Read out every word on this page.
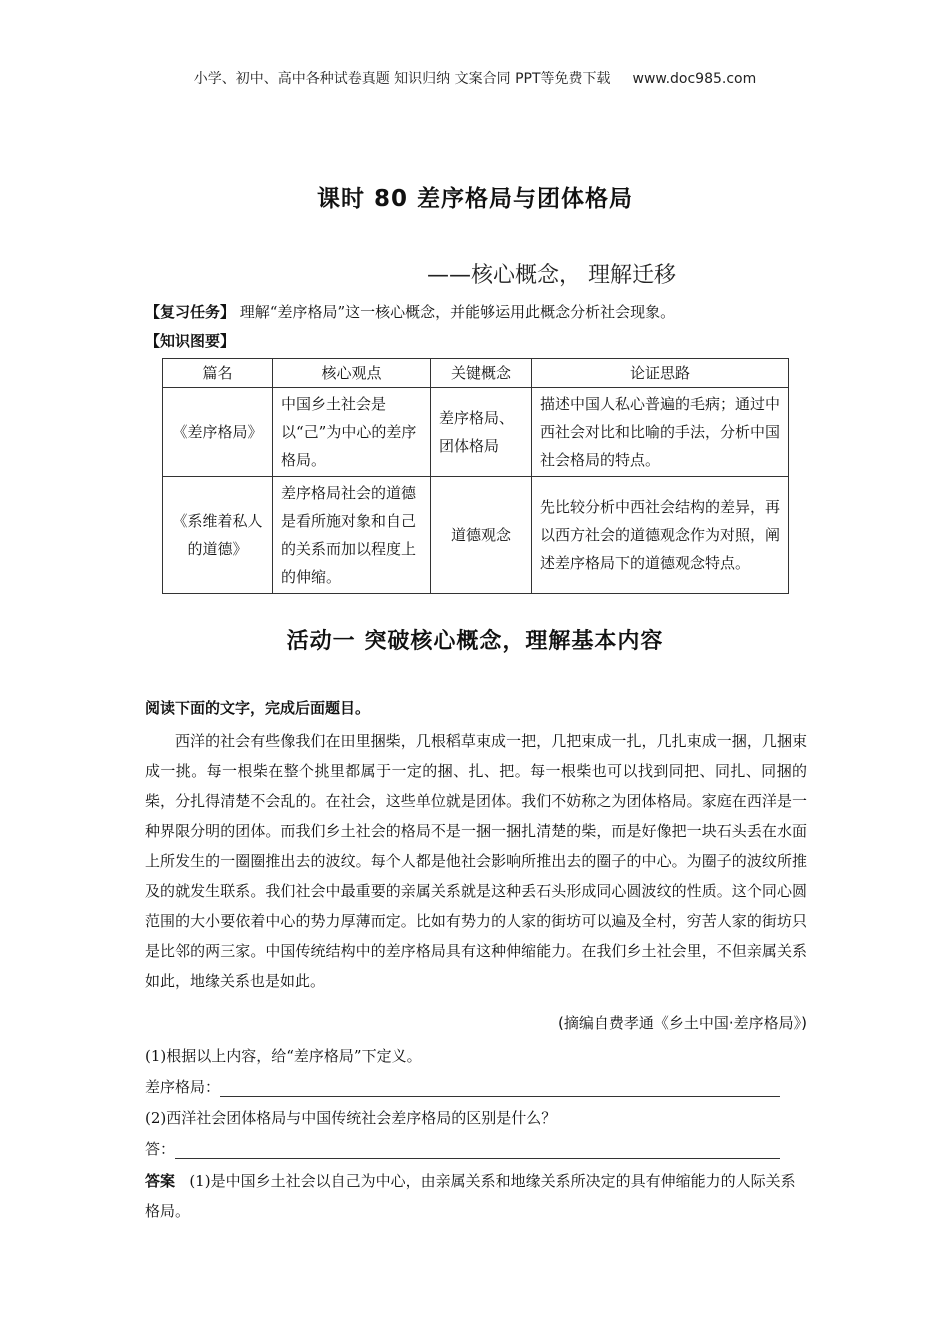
小学、初中、高中各种试卷真题 知识归纳 文案合同 PPT等免费下载 www.doc985.com
课时 80 差序格局与团体格局
——核心概念， 理解迁移
【复习任务】 理解“差序格局”这一核心概念，并能够运用此概念分析社会现象。
【知识图要】
篇名	核心观点	关键概念	论证思路
《差序格局》	中国乡土社会是以“己”为中心的差序格局。	差序格局、团体格局	描述中国人私心普遍的毛病；通过中西社会对比和比喻的手法，分析中国社会格局的特点。
《系维着私人的道德》	差序格局社会的道德是看所施对象和自己的关系而加以程度上的伸缩。	道德观念	先比较分析中西社会结构的差异，再以西方社会的道德观念作为对照，阐述差序格局下的道德观念特点。
活动一 突破核心概念，理解基本内容
阅读下面的文字，完成后面题目。

西洋的社会有些像我们在田里捆柴，几根稻草束成一把，几把束成一扎，几扎束成一捆，几捆束成一挑。每一根柴在整个挑里都属于一定的捆、扎、把。每一根柴也可以找到同把、同扎、同捆的柴，分扎得清楚不会乱的。在社会，这些单位就是团体。我们不妨称之为团体格局。家庭在西洋是一种界限分明的团体。而我们乡土社会的格局不是一捆一捆扎清楚的柴，而是好像把一块石头丢在水面上所发生的一圈圈推出去的波纹。每个人都是他社会影响所推出去的圈子的中心。为圈子的波纹所推及的就发生联系。我们社会中最重要的亲属关系就是这种丢石头形成同心圆波纹的性质。这个同心圆范围的大小要依着中心的势力厚薄而定。比如有势力的人家的街坊可以遍及全村，穷苦人家的街坊只是比邻的两三家。中国传统结构中的差序格局具有这种伸缩能力。在我们乡土社会里，不但亲属关系如此，地缘关系也是如此。

(摘编自费孝通《乡土中国·差序格局》)
(1)根据以上内容，给“差序格局”下定义。
差序格局：
(2)西洋社会团体格局与中国传统社会差序格局的区别是什么？
答：

答案 (1)是中国乡土社会以自己为中心，由亲属关系和地缘关系所决定的具有伸缩能力的人际关系格局。
